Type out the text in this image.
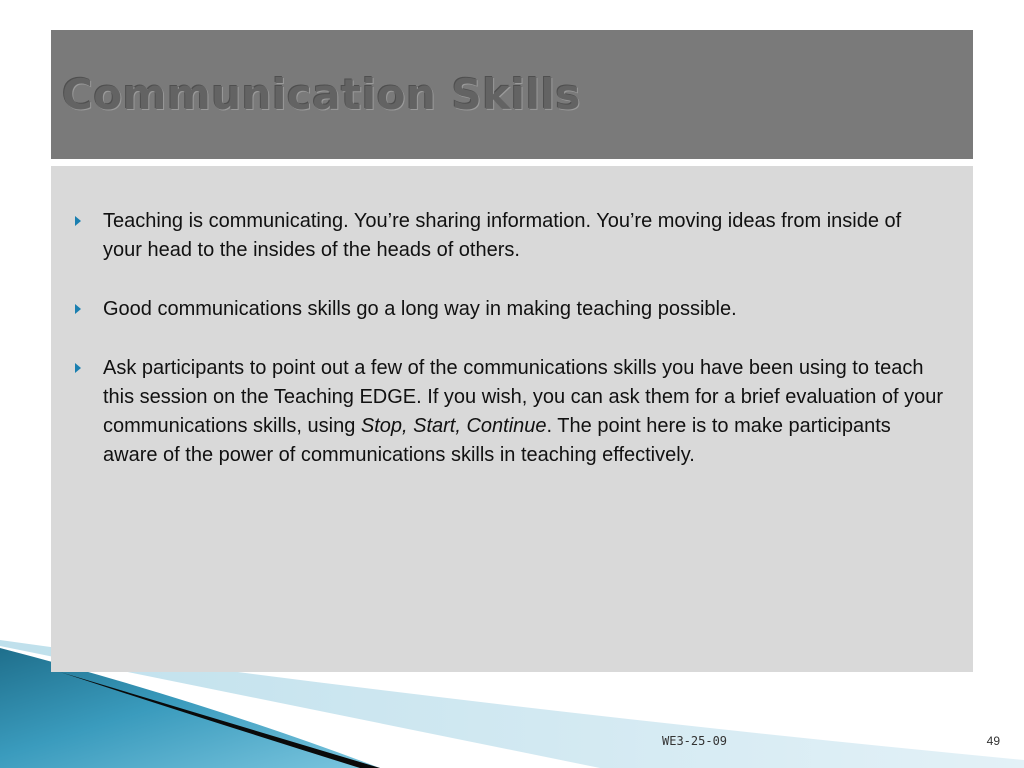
Communication Skills
Teaching is communicating. You’re sharing information. You’re moving ideas from inside of your head to the insides of the heads of others.
Good communications skills go a long way in making teaching possible.
Ask participants to point out a few of the communications skills you have been using to teach this session on the Teaching EDGE. If you wish, you can ask them for a brief evaluation of your communications skills, using Stop, Start, Continue. The point here is to make participants aware of the power of communications skills in teaching effectively.
WE3-25-09	49
